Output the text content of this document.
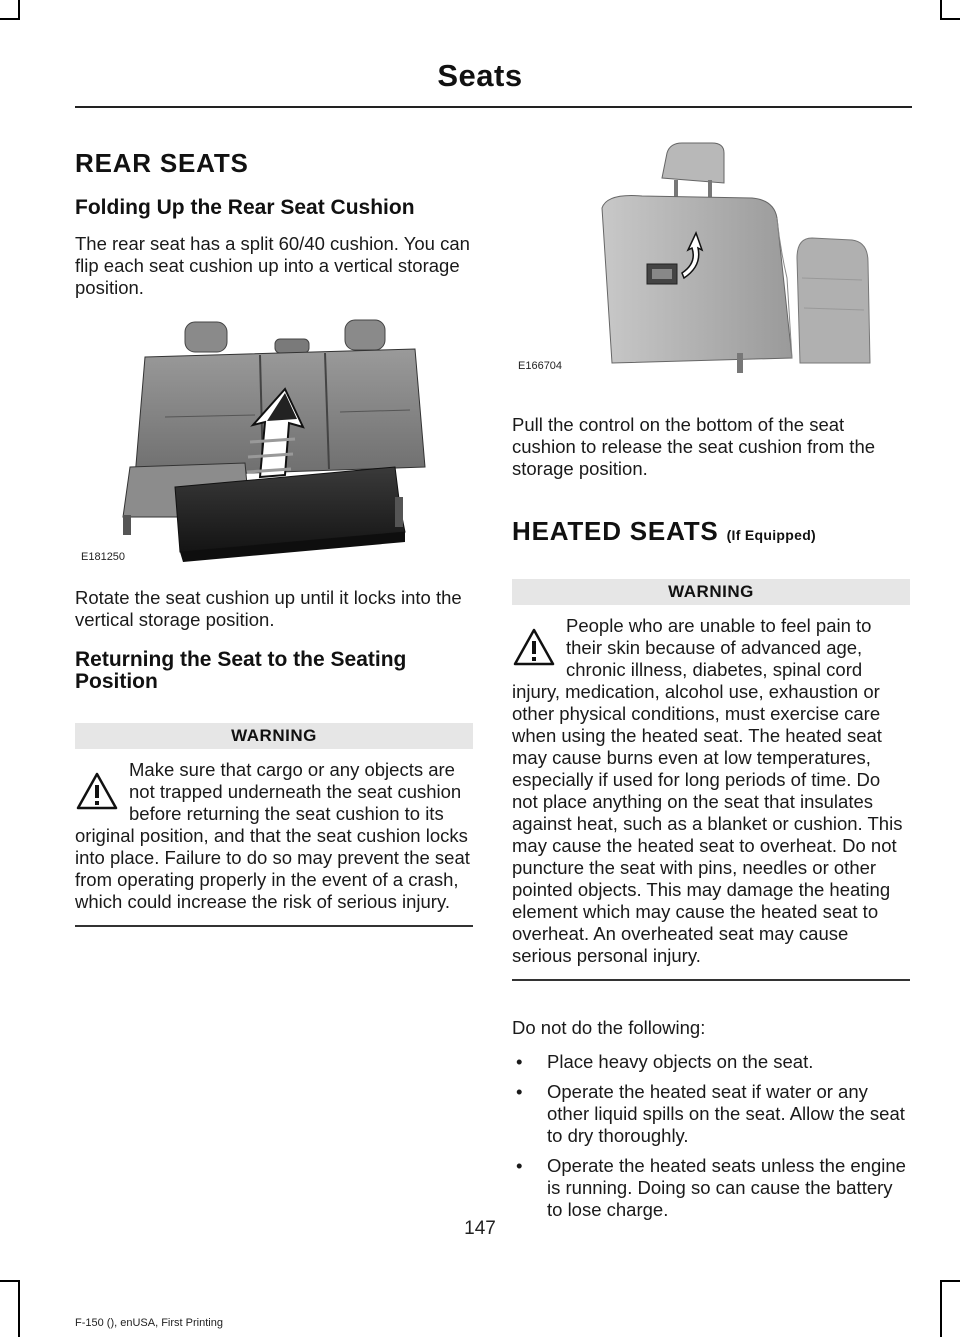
Seats
REAR SEATS
Folding Up the Rear Seat Cushion

The rear seat has a split 60/40 cushion. You can flip each seat cushion up into a vertical storage position.

E181250

Rotate the seat cushion up until it locks into the vertical storage position.

Returning the Seat to the Seating Position
WARNING
Make sure that cargo or any objects are not trapped underneath the seat cushion before returning the seat cushion to its original position, and that the seat cushion locks into place. Failure to do so may prevent the seat from operating properly in the event of a crash, which could increase the risk of serious injury.
E166704

Pull the control on the bottom of the seat cushion to release the seat cushion from the storage position.

HEATED SEATS (If Equipped)
WARNING
People who are unable to feel pain to their skin because of advanced age, chronic illness, diabetes, spinal cord injury, medication, alcohol use, exhaustion or other physical conditions, must exercise care when using the heated seat. The heated seat may cause burns even at low temperatures, especially if used for long periods of time. Do not place anything on the seat that insulates against heat, such as a blanket or cushion. This may cause the heated seat to overheat. Do not puncture the seat with pins, needles or other pointed objects. This may damage the heating element which may cause the heated seat to overheat. An overheated seat may cause serious personal injury.

Do not do the following:

• Place heavy objects on the seat.
• Operate the heated seat if water or any other liquid spills on the seat. Allow the seat to dry thoroughly.
• Operate the heated seats unless the engine is running. Doing so can cause the battery to lose charge.
147
F-150 (), enUSA, First Printing
